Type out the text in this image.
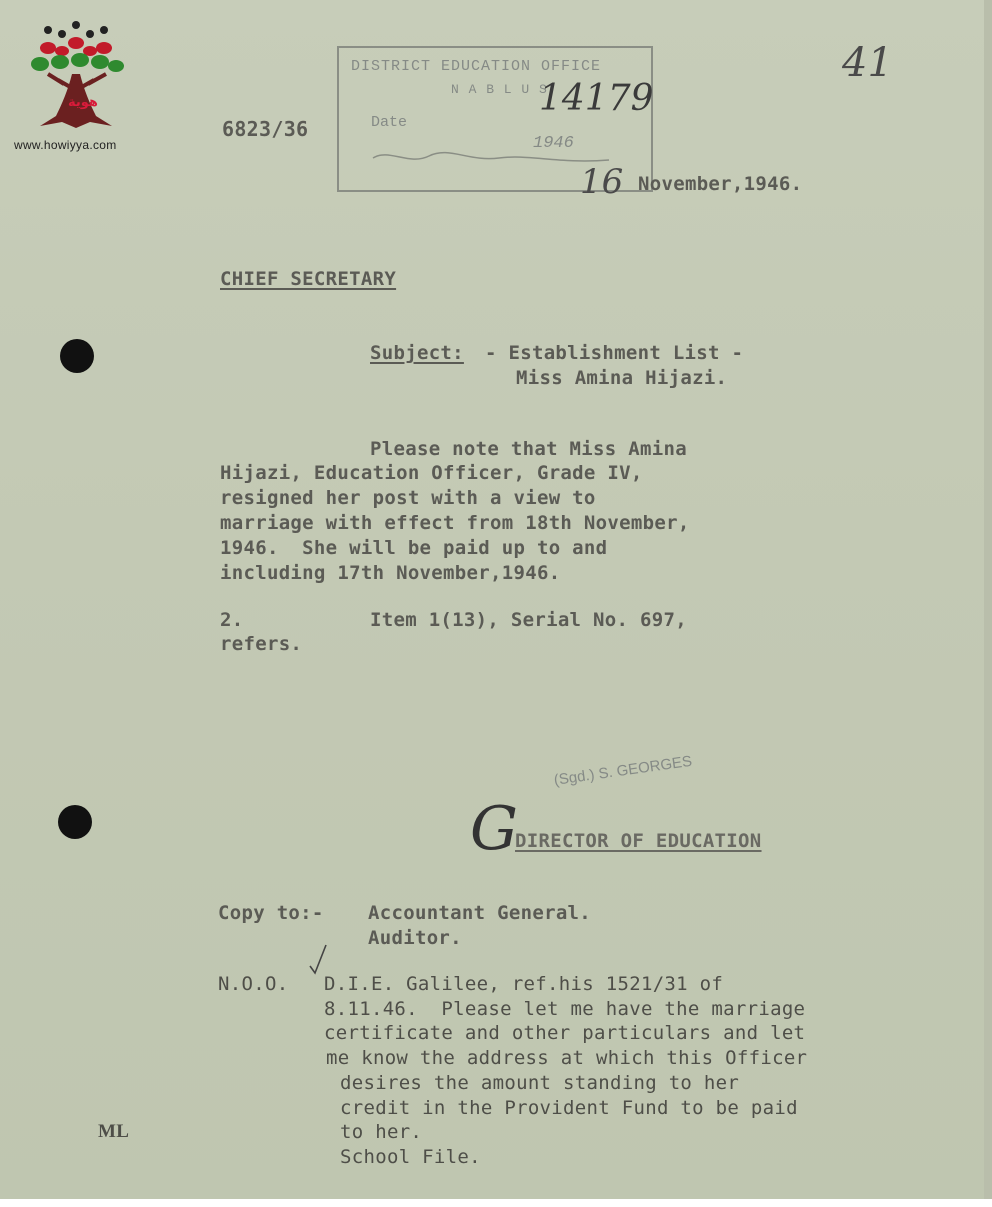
هوية
www.howiyya.com
6823/36
DISTRICT EDUCATION OFFICE
N A B L U S
Date
1946
14179
41
16 November,1946.
CHIEF SECRETARY
Subject: - Establishment List -
Miss Amina Hijazi.
Please note that Miss Amina
Hijazi, Education Officer, Grade IV,
resigned her post with a view to
marriage with effect from 18th November,
1946.  She will be paid up to and
including 17th November,1946.
2.	Item 1(13), Serial No. 697,
refers.
(Sgd.) S. GEORGES
G
DIRECTOR OF EDUCATION
Copy to:- Accountant General.
Auditor.
N.O.O. D.I.E. Galilee, ref.his 1521/31 of
8.11.46.  Please let me have the marriage
certificate and other particulars and let
me know the address at which this Officer
desires the amount standing to her
credit in the Provident Fund to be paid
to her.
School File.
ML
